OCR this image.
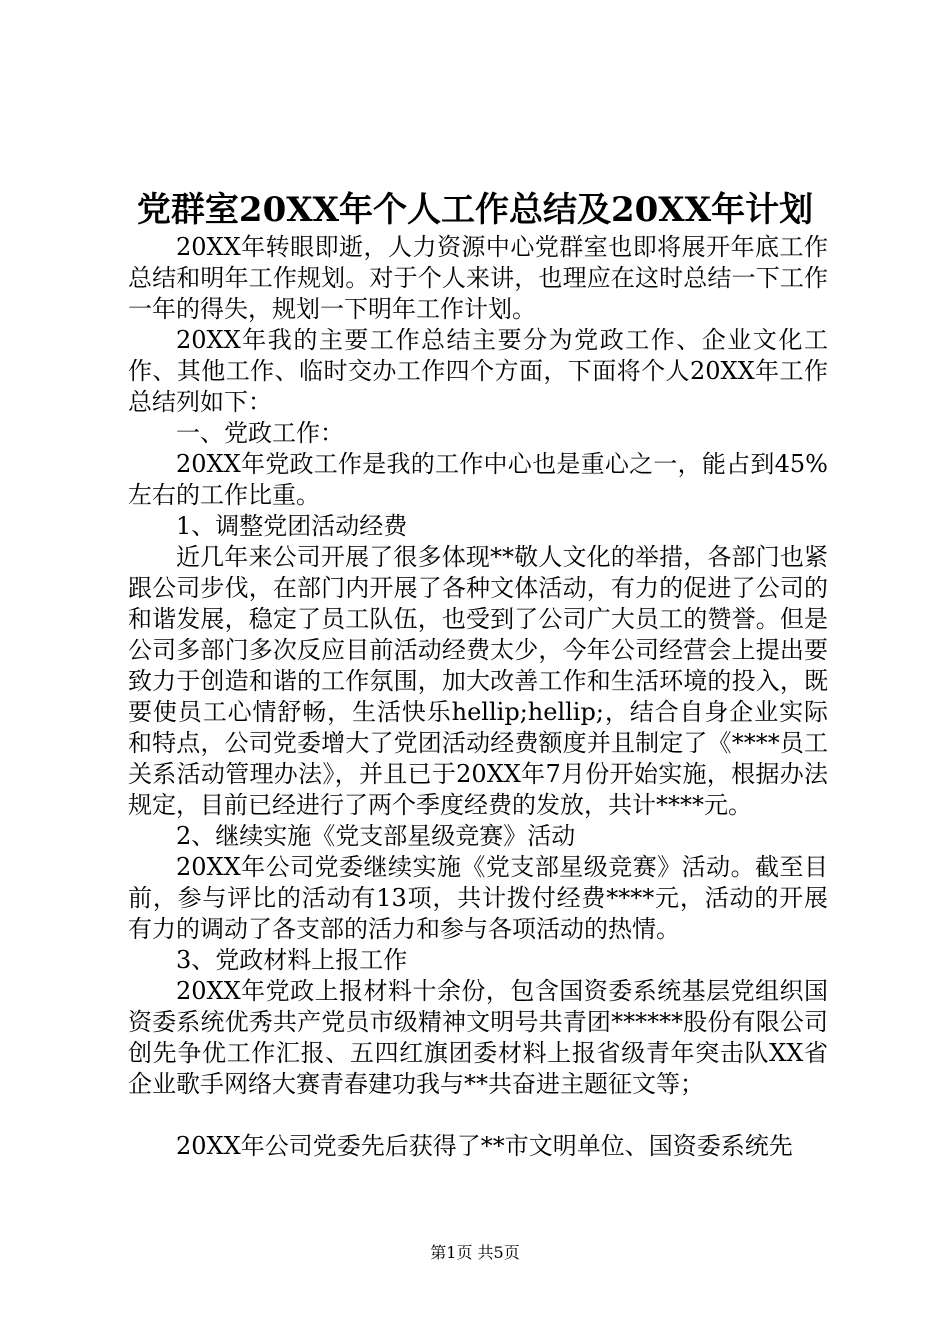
党群室20XX年个人工作总结及20XX年计划

20XX年转眼即逝，人力资源中心党群室也即将展开年底工作总结和明年工作规划。对于个人来讲，也理应在这时总结一下工作一年的得失，规划一下明年工作计划。

20XX年我的主要工作总结主要分为党政工作、企业文化工作、其他工作、临时交办工作四个方面，下面将个人20XX年工作总结列如下：

一、党政工作：

20XX年党政工作是我的工作中心也是重心之一，能占到45%左右的工作比重。

1、调整党团活动经费

近几年来公司开展了很多体现**敬人文化的举措，各部门也紧跟公司步伐，在部门内开展了各种文体活动，有力的促进了公司的和谐发展，稳定了员工队伍，也受到了公司广大员工的赞誉。但是公司多部门多次反应目前活动经费太少，今年公司经营会上提出要致力于创造和谐的工作氛围，加大改善工作和生活环境的投入，既要使员工心情舒畅，生活快乐hellip;hellip;，结合自身企业实际和特点，公司党委增大了党团活动经费额度并且制定了《****员工关系活动管理办法》，并且已于20XX年7月份开始实施，根据办法规定，目前已经进行了两个季度经费的发放，共计****元。

2、继续实施《党支部星级竞赛》活动

20XX年公司党委继续实施《党支部星级竞赛》活动。截至目前，参与评比的活动有13项，共计拨付经费****元，活动的开展有力的调动了各支部的活力和参与各项活动的热情。

3、党政材料上报工作

20XX年党政上报材料十余份，包含国资委系统基层党组织国资委系统优秀共产党员市级精神文明号共青团******股份有限公司创先争优工作汇报、五四红旗团委材料上报省级青年突击队XX省企业歌手网络大赛青春建功我与**共奋进主题征文等；

20XX年公司党委先后获得了**市文明单位、国资委系统先

第1页 共5页
